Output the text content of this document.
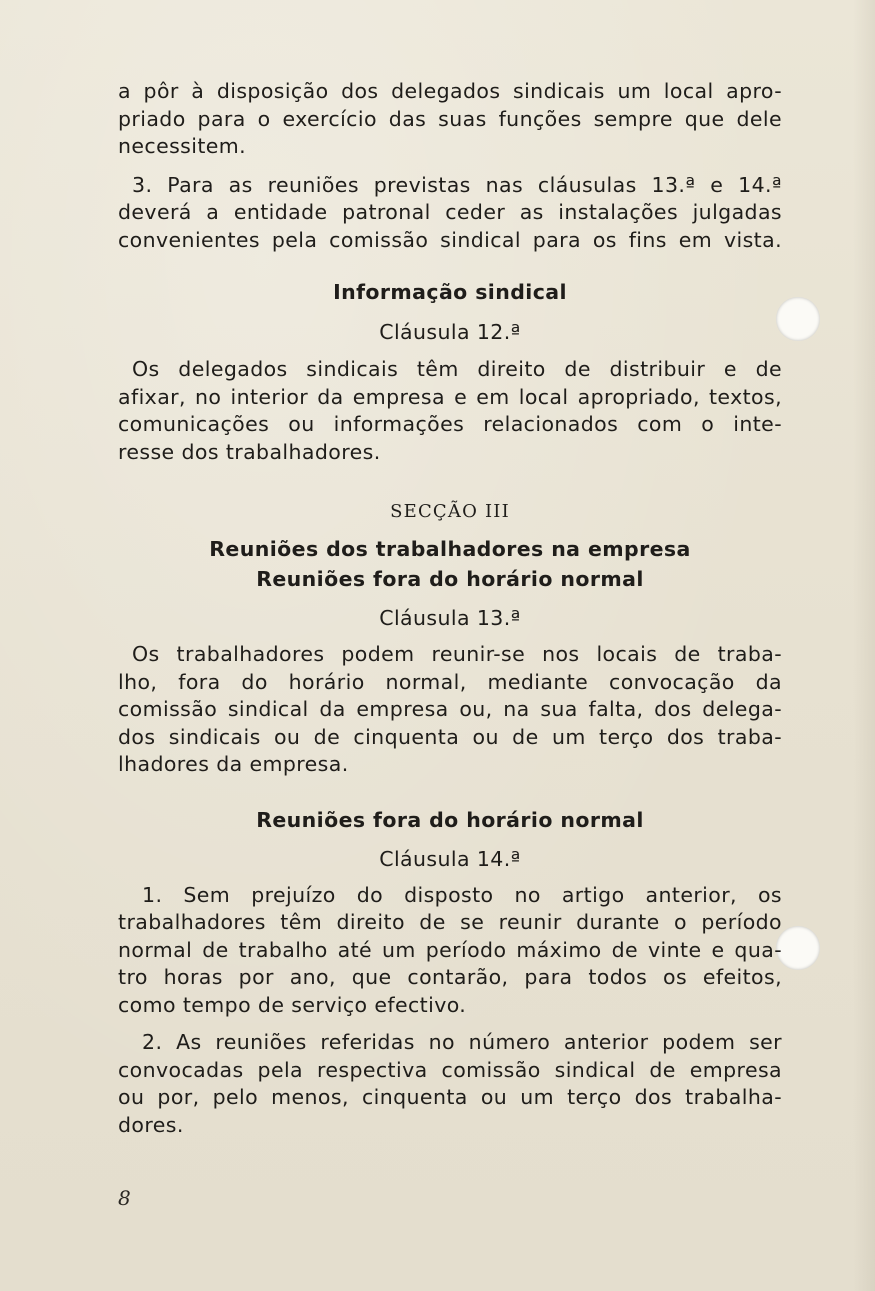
a pôr à disposição dos delegados sindicais um local apro-
priado para o exercício das suas funções sempre que dele
necessitem.
3. Para as reuniões previstas nas cláusulas 13.ª e 14.ª
deverá a entidade patronal ceder as instalações julgadas
convenientes pela comissão sindical para os fins em vista.

Informação sindical

Cláusula 12.ª

Os delegados sindicais têm direito de distribuir e de
afixar, no interior da empresa e em local apropriado, textos,
comunicações ou informações relacionados com o inte-
resse dos trabalhadores.

SECÇÃO III

Reuniões dos trabalhadores na empresa

Reuniões fora do horário normal

Cláusula 13.ª

Os trabalhadores podem reunir-se nos locais de traba-
lho, fora do horário normal, mediante convocação da
comissão sindical da empresa ou, na sua falta, dos delega-
dos sindicais ou de cinquenta ou de um terço dos traba-
lhadores da empresa.

Reuniões fora do horário normal

Cláusula 14.ª

1. Sem prejuízo do disposto no artigo anterior, os
trabalhadores têm direito de se reunir durante o período
normal de trabalho até um período máximo de vinte e qua-
tro horas por ano, que contarão, para todos os efeitos,
como tempo de serviço efectivo.
2. As reuniões referidas no número anterior podem ser
convocadas pela respectiva comissão sindical de empresa
ou por, pelo menos, cinquenta ou um terço dos trabalha-
dores.
8
